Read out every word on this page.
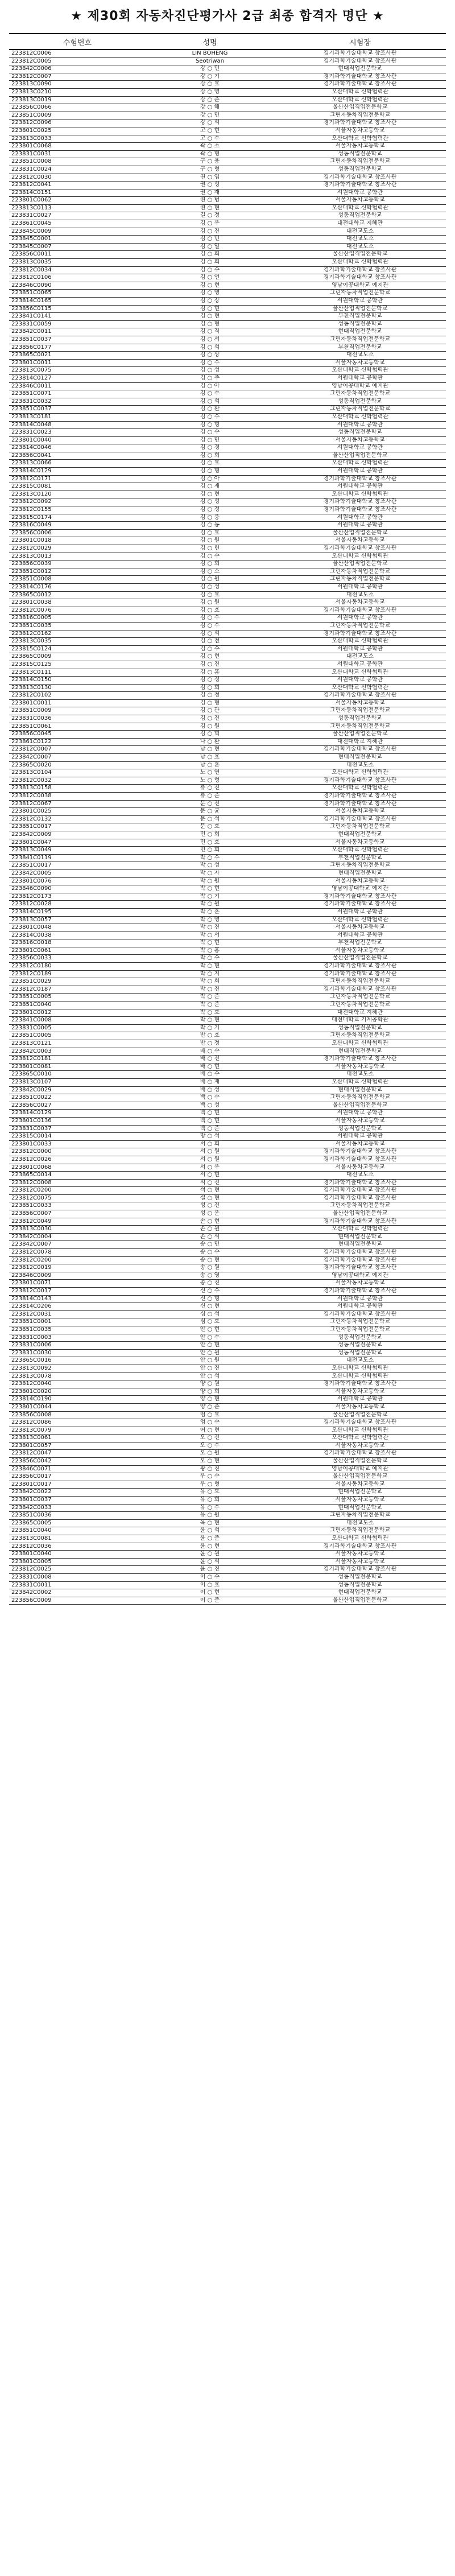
★ 제30회 자동차진단평가사 2급 최종 합격자 명단 ★
수험번호	성명	시험장
223812C0006	LIN BOHENG	경기과학기술대학교 창조사관
223812C0005	Seotriwan	경기과학기술대학교 창조사관
223842C0006	강 ○ 민	현대직업전문학교
223812C0007	강 ○ 기	경기과학기술대학교 창조사관
223813C0090	강 ○ 호	경기과학기술대학교 창조사관
223813C0210	강 ○ 영	오산대학교 신학협력관
223813C0019	강 ○ 준	오산대학교 신학협력관
223856C0066	강 ○ 해	울산산업직업전문학교
223851C0009	강 ○ 민	그린자동차직업전문학교
223812C0096	강 ○ 석	경기과학기술대학교 창조사관
223801C0025	고 ○ 현	서울자동차고등학교
223813C0033	고 ○ 수	오산대학교 신학협력관
223801C0068	곽 ○ 소	서울자동차고등학교
223831C0031	곽 ○ 형	성동직업전문학교
223851C0008	구 ○ 용	그린자동차직업전문학교
223831C0024	구 ○ 형	성동직업전문학교
223812C0030	권 ○ 엽	경기과학기술대학교 창조사관
223812C0041	권 ○ 성	경기과학기술대학교 창조사관
223814C0151	권 ○ 재	서원대학교 공학관
223801C0062	권 ○ 범	서울자동차고등학교
223813C0113	권 ○ 현	오산대학교 신학협력관
223831C0027	길 ○ 정	성동직업전문학교
223861C0045	김 ○ 우	대전대학교 지혜관
223845C0009	김 ○ 진	대전교도소
223845C0001	김 ○ 민	대전교도소
223845C0007	김 ○ 일	대전교도소
223856C0011	김 ○ 희	울산산업직업전문학교
223813C0035	김 ○ 희	오산대학교 신학협력관
223812C0034	김 ○ 수	경기과학기술대학교 창조사관
223812C0106	김 ○ 언	경기과학기술대학교 창조사관
223846C0090	김 ○ 현	영남이공대학교 예지관
223851C0065	김 ○ 영	그린자동차직업전문학교
223814C0165	김 ○ 장	서원대학교 공학관
223856C0115	김 ○ 현	울산산업직업전문학교
223841C0141	김 ○ 현	부천직업전문학교
223831C0059	김 ○ 형	성동직업전문학교
223842C0011	김 ○ 직	현대직업전문학교
223851C0037	김 ○ 서	그린자동차직업전문학교
223856C0177	김 ○ 석	부천직업전문학교
223865C0021	김 ○ 상	대전교도소
223801C0011	김 ○ 수	서울자동차고등학교
223813C0075	김 ○ 성	오산대학교 신학협력관
223814C0127	김 ○ 주	서원대학교 공학관
223846C0011	김 ○ 아	영남이공대학교 예지관
223851C0071	김 ○ 수	그린자동차직업전문학교
223831C0032	김 ○ 석	성동직업전문학교
223851C0037	김 ○ 환	그린자동차직업전문학교
223813C0181	김 ○ 수	오산대학교 신학협력관
223814C0048	김 ○ 형	서원대학교 공학관
223831C0023	김 ○ 수	성동직업전문학교
223801C0040	김 ○ 민	서울자동차고등학교
223814C0046	김 ○ 경	서원대학교 공학관
223856C0041	김 ○ 희	울산산업직업전문학교
223813C0066	김 ○ 호	오산대학교 신학협력관
223814C0129	김 ○ 형	서원대학교 공학관
223812C0171	김 ○ 아	경기과학기술대학교 창조사관
223815C0081	김 ○ 재	서원대학교 공학관
223813C0120	김 ○ 현	오산대학교 신학협력관
223812C0092	김 ○ 성	경기과학기술대학교 창조사관
223812C0155	김 ○ 정	경기과학기술대학교 창조사관
223815C0174	김 ○ 웅	서원대학교 공학관
223816C0049	김 ○ 동	서원대학교 공학관
223856C0006	김 ○ 호	울산산업직업전문학교
223801C0018	김 ○ 원	서울자동차고등학교
223812C0029	김 ○ 헌	경기과학기술대학교 창조사관
223813C0013	김 ○ 수	오산대학교 신학협력관
223856C0039	김 ○ 희	울산산업직업전문학교
223851C0012	김 ○ 소	그린자동차직업전문학교
223851C0008	김 ○ 원	그린자동차직업전문학교
223814C0176	김 ○ 성	서원대학교 공학관
223865C0012	김 ○ 호	대전교도소
223801C0038	김 ○ 원	서울자동차고등학교
223812C0076	김 ○ 호	경기과학기술대학교 창조사관
223816C0005	김 ○ 수	서원대학교 공학관
223851C0035	김 ○ 수	그린자동차직업전문학교
223812C0162	김 ○ 석	경기과학기술대학교 창조사관
223813C0035	김 ○ 전	오산대학교 신학협력관
223815C0124	김 ○ 수	서원대학교 공학관
223865C0009	김 ○ 현	대전교도소
223815C0125	김 ○ 진	서원대학교 공학관
223813C0111	김 ○ 홍	오산대학교 신학협력관
223814C0150	김 ○ 정	서원대학교 공학관
223813C0130	김 ○ 희	오산대학교 신학협력관
223812C0102	김 ○ 정	경기과학기술대학교 창조사관
223801C0011	김 ○ 형	서울자동차고등학교
223851C0009	김 ○ 관	그린자동차직업전문학교
223831C0036	김 ○ 진	성동직업전문학교
223851C0061	김 ○ 원	그린자동차직업전문학교
223856C0045	김 ○ 혁	울산산업직업전문학교
223861C0122	나 ○ 환	대전대학교 지혜관
223812C0007	남 ○ 현	경기과학기술대학교 창조사관
223842C0007	남 ○ 호	현대직업전문학교
223865C0020	남 ○ 훈	대전교도소
223813C0104	노 ○ 연	오산대학교 신학협력관
223812C0032	노 ○ 형	경기과학기술대학교 창조사관
223813C0158	류 ○ 진	오산대학교 신학협력관
223812C0038	류 ○ 준	경기과학기술대학교 창조사관
223812C0067	문 ○ 진	경기과학기술대학교 창조사관
223801C0025	문 ○ 균	서울자동차고등학교
223812C0132	문 ○ 석	경기과학기술대학교 창조사관
223851C0017	문 ○ 호	그린자동차직업전문학교
223842C0009	민 ○ 희	현대직업전문학교
223801C0047	민 ○ 호	서울자동차고등학교
223813C0049	민 ○ 희	오산대학교 신학협력관
223841C0119	박 ○ 수	부천직업전문학교
223851C0017	박 ○ 성	그린자동차직업전문학교
223842C0005	박 ○ 자	현대직업전문학교
223801C0076	박 ○ 원	서울자동차고등학교
223846C0090	박 ○ 현	영남이공대학교 예지관
223812C0173	박 ○ 기	경기과학기술대학교 창조사관
223812C0028	박 ○ 원	경기과학기술대학교 창조사관
223814C0195	박 ○ 훈	서원대학교 공학관
223813C0057	박 ○ 영	오산대학교 신학협력관
223801C0048	박 ○ 진	서울자동차고등학교
223814C0038	박 ○ 서	서원대학교 공학관
223816C0018	박 ○ 현	부천직업전문학교
223801C0061	박 ○ 홍	서울자동차고등학교
223856C0033	박 ○ 수	울산산업직업전문학교
223812C0180	박 ○ 현	경기과학기술대학교 창조사관
223812C0189	박 ○ 지	경기과학기술대학교 창조사관
223851C0029	박 ○ 희	그린자동차직업전문학교
223812C0187	박 ○ 진	경기과학기술대학교 창조사관
223851C0005	박 ○ 준	그린자동차직업전문학교
223851C0040	박 ○ 준	그린자동차직업전문학교
223801C0012	박 ○ 호	대전대학교 지혜관
223841C0008	박 ○ 현	대전대학교 기계공학관
223831C0005	박 ○ 기	성동직업전문학교
223851C0005	반 ○ 호	그린자동차직업전문학교
223813C0121	반 ○ 정	오산대학교 신학협력관
223842C0003	배 ○ 수	현대직업전문학교
223812C0181	배 ○ 진	경기과학기술대학교 창조사관
223801C0081	배 ○ 현	서울자동차고등학교
223865C0010	배 ○ 수	대전교도소
223813C0107	배 ○ 재	오산대학교 신학협력관
223842C0029	배 ○ 성	현대직업전문학교
223851C0022	백 ○ 수	그린자동차직업전문학교
223856C0027	백 ○ 성	울산산업직업전문학교
223814C0129	백 ○ 현	서원대학교 공학관
223801C0136	백 ○ 현	서울자동차고등학교
223831C0037	백 ○ 준	성동직업전문학교
223815C0014	방 ○ 석	서원대학교 공학관
223801C0033	서 ○ 희	서울자동차고등학교
223812C0000	서 ○ 원	경기과학기술대학교 창조사관
223812C0026	서 ○ 원	경기과학기술대학교 창조사관
223801C0068	서 ○ 우	서울자동차고등학교
223865C0014	서 ○ 현	대전교도소
223812C0008	석 ○ 진	경기과학기술대학교 창조사관
223812C0200	석 ○ 현	경기과학기술대학교 창조사관
223812C0075	설 ○ 현	경기과학기술대학교 창조사관
223851C0033	성 ○ 진	그린자동차직업전문학교
223856C0007	성 ○ 운	울산산업직업전문학교
223812C0049	손 ○ 현	경기과학기술대학교 창조사관
223813C0030	손 ○ 원	오산대학교 신학협력관
223842C0004	손 ○ 석	현대직업전문학교
223842C0007	송 ○ 민	현대직업전문학교
223812C0078	송 ○ 수	경기과학기술대학교 창조사관
223812C0200	송 ○ 현	경기과학기술대학교 창조사관
223812C0019	송 ○ 원	경기과학기술대학교 창조사관
223846C0009	송 ○ 영	영남이공대학교 예지관
223801C0071	송 ○ 진	서울자동차고등학교
223812C0017	신 ○ 수	경기과학기술대학교 창조사관
223814C0143	신 ○ 형	서원대학교 공학관
223814C0206	신 ○ 현	서원대학교 공학관
223812C0031	심 ○ 석	경기과학기술대학교 창조사관
223851C0001	심 ○ 호	그린자동차직업전문학교
223851C0035	안 ○ 현	그린자동차직업전문학교
223831C0003	안 ○ 수	성동직업전문학교
223831C0006	안 ○ 현	성동직업전문학교
223831C0030	안 ○ 원	성동직업전문학교
223865C0016	안 ○ 원	대전교도소
223813C0092	안 ○ 진	오산대학교 신학협력관
223813C0078	안 ○ 석	오산대학교 신학협력관
223812C0040	양 ○ 원	경기과학기술대학교 창조사관
223801C0020	양 ○ 희	서울자동차고등학교
223814C0190	양 ○ 현	서원대학교 공학관
223801C0044	양 ○ 준	서울자동차고등학교
223856C0008	엄 ○ 호	울산산업직업전문학교
223812C0086	엄 ○ 수	경기과학기술대학교 창조사관
223813C0079	여 ○ 현	오산대학교 신학협력관
223813C0061	오 ○ 진	오산대학교 신학협력관
223801C0057	오 ○ 수	서울자동차고등학교
223812C0047	오 ○ 원	경기과학기술대학교 창조사관
223856C0042	오 ○ 현	울산산업직업전문학교
223846C0071	왕 ○ 진	영남이공대학교 예지관
223856C0017	우 ○ 수	울산산업직업전문학교
223801C0017	우 ○ 형	서울자동차고등학교
223842C0022	유 ○ 호	현대직업전문학교
223801C0037	유 ○ 희	서울자동차고등학교
223842C0033	유 ○ 수	현대직업전문학교
223851C0036	유 ○ 원	그린자동차직업전문학교
223865C0005	육 ○ 현	대전교도소
223851C0040	윤 ○ 석	그린자동차직업전문학교
223813C0081	윤 ○ 준	오산대학교 신학협력관
223812C0036	윤 ○ 현	경기과학기술대학교 창조사관
223801C0040	윤 ○ 원	서울자동차고등학교
223801C0005	윤 ○ 석	서울자동차고등학교
223812C0025	윤 ○ 진	경기과학기술대학교 창조사관
223831C0008	이 ○ 수	성동직업전문학교
223831C0011	이 ○ 호	성동직업전문학교
223842C0002	이 ○ 현	현대직업전문학교
223856C0009	이 ○ 준	울산산업직업전문학교
